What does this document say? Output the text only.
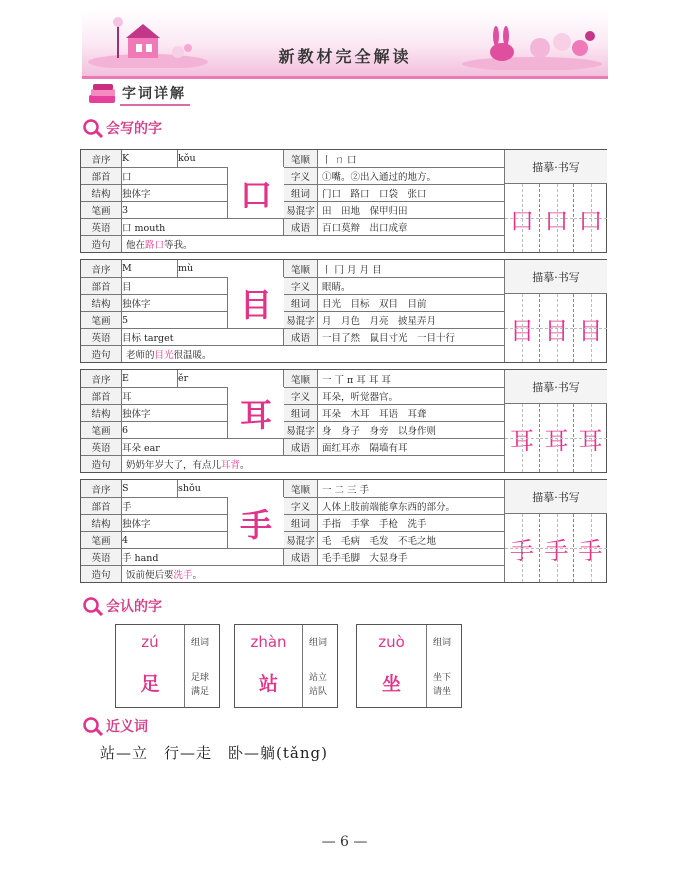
新教材完全解读
字词详解
会写的字
音序	K	kǒu	笔顺	丨 ㄇ 口
部首	口	字义	①嘴。②出入通过的地方。
结构	独体字	组词	门口　路口　口袋　张口
笔画	3	易混字 田　田地　保甲归田
英语	口 mouth	成语	百口莫辩　出口成章
造句	他在 路口 等我。
口
描摹·书写
口 口 口
音序	M	mù	笔顺	丨 冂 月 月 目
部首	目	字义	眼睛。
结构	独体字	组词	目光　目标　双目　目前
笔画	5	易混字 月　月色　月亮　披星弄月
英语	目标 target	成语	一目了然　鼠目寸光　一目十行
造句	老师的 目光 很温暖。
目
描摹·书写
目 目 目
音序	E	ěr	笔顺	一 丅 π 耳 耳 耳
部首	耳	字义	耳朵，听觉器官。
结构	独体字	组词	耳朵　木耳　耳语　耳聋
笔画	6	易混字 身　身子　身旁　以身作则
英语	耳朵 ear	成语	面红耳赤　隔墙有耳
造句	奶奶年岁大了，有点儿 耳背 。
耳
描摹·书写
耳 耳 耳
音序	S	shǒu	笔顺	一 二 三 手
部首	手	字义	人体上肢前端能拿东西的部分。
结构	独体字	组词	手指　手掌　手枪　洗手
笔画	4	易混字 毛　毛病　毛发　不毛之地
英语	手 hand	成语	毛手毛脚　大显身手
造句	饭前便后要 洗手 。
手
描摹·书写
手 手 手
会认的字
zú
足
组词
足球
满足
zhàn
站
组词
站立
站队
zuò
坐
组词
坐下
请坐
近义词
站—立　行—走　卧—躺(tǎng)
— 6 —
